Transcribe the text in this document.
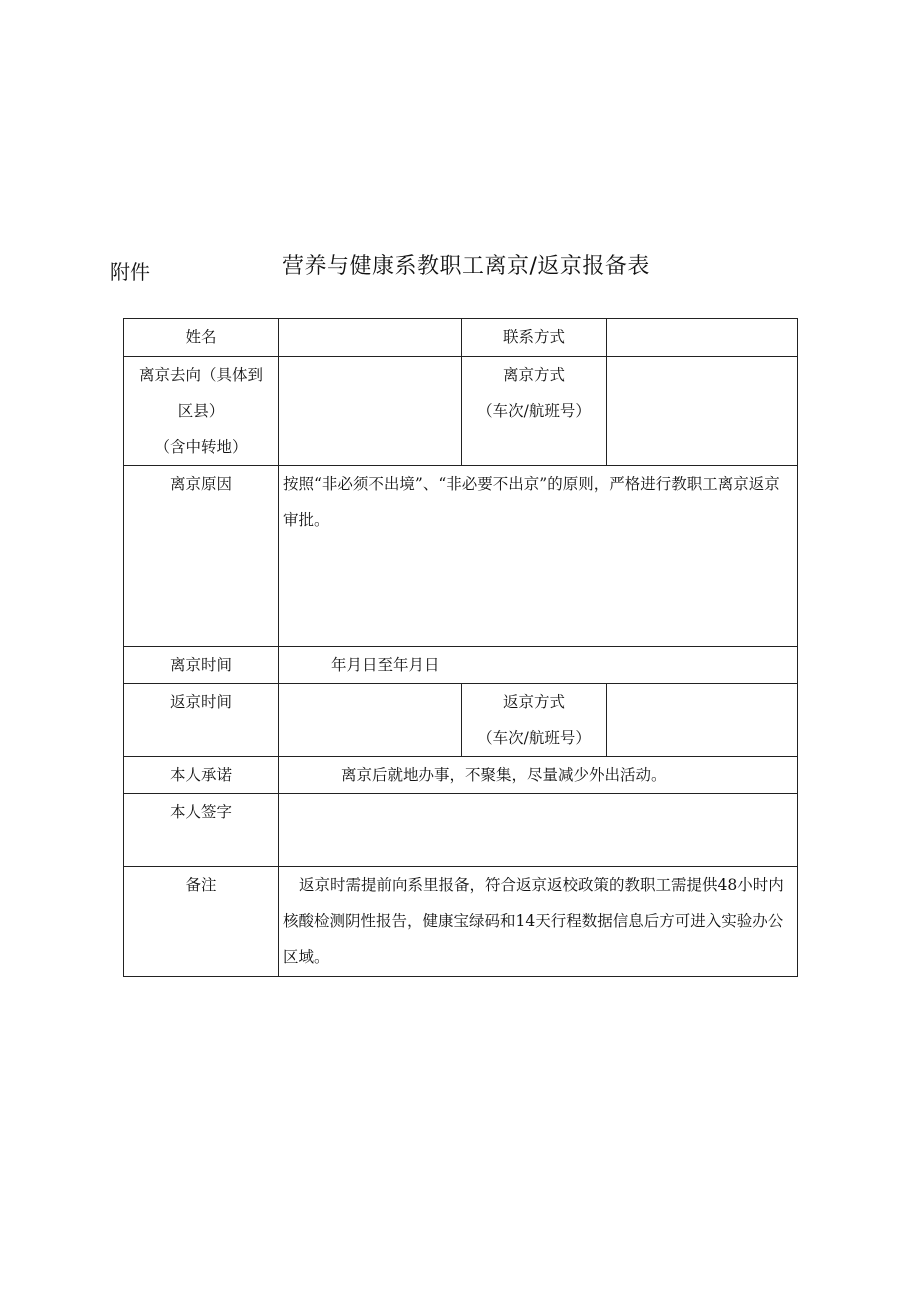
附件	营养与健康系教职工离京/返京报备表
姓名		联系方式	

离京去向（具体到
区县）
（含中转地）		离京方式
（车次/航班号）	

离京原因	按照“非必须不出境”、“非必要不出京”的原则，严格进行教职工离京返京审批。		
离京时间	年月日至年月日		
返京时间		返京方式
（车次/航班号）	

本人承诺	离京后就地办事，不聚集，尽量减少外出活动。		
本人签字			
备注	返京时需提前向系里报备，符合返京返校政策的教职工需提供48小时内核酸检测阴性报告，健康宝绿码和14天行程数据信息后方可进入实验办公区域。		
